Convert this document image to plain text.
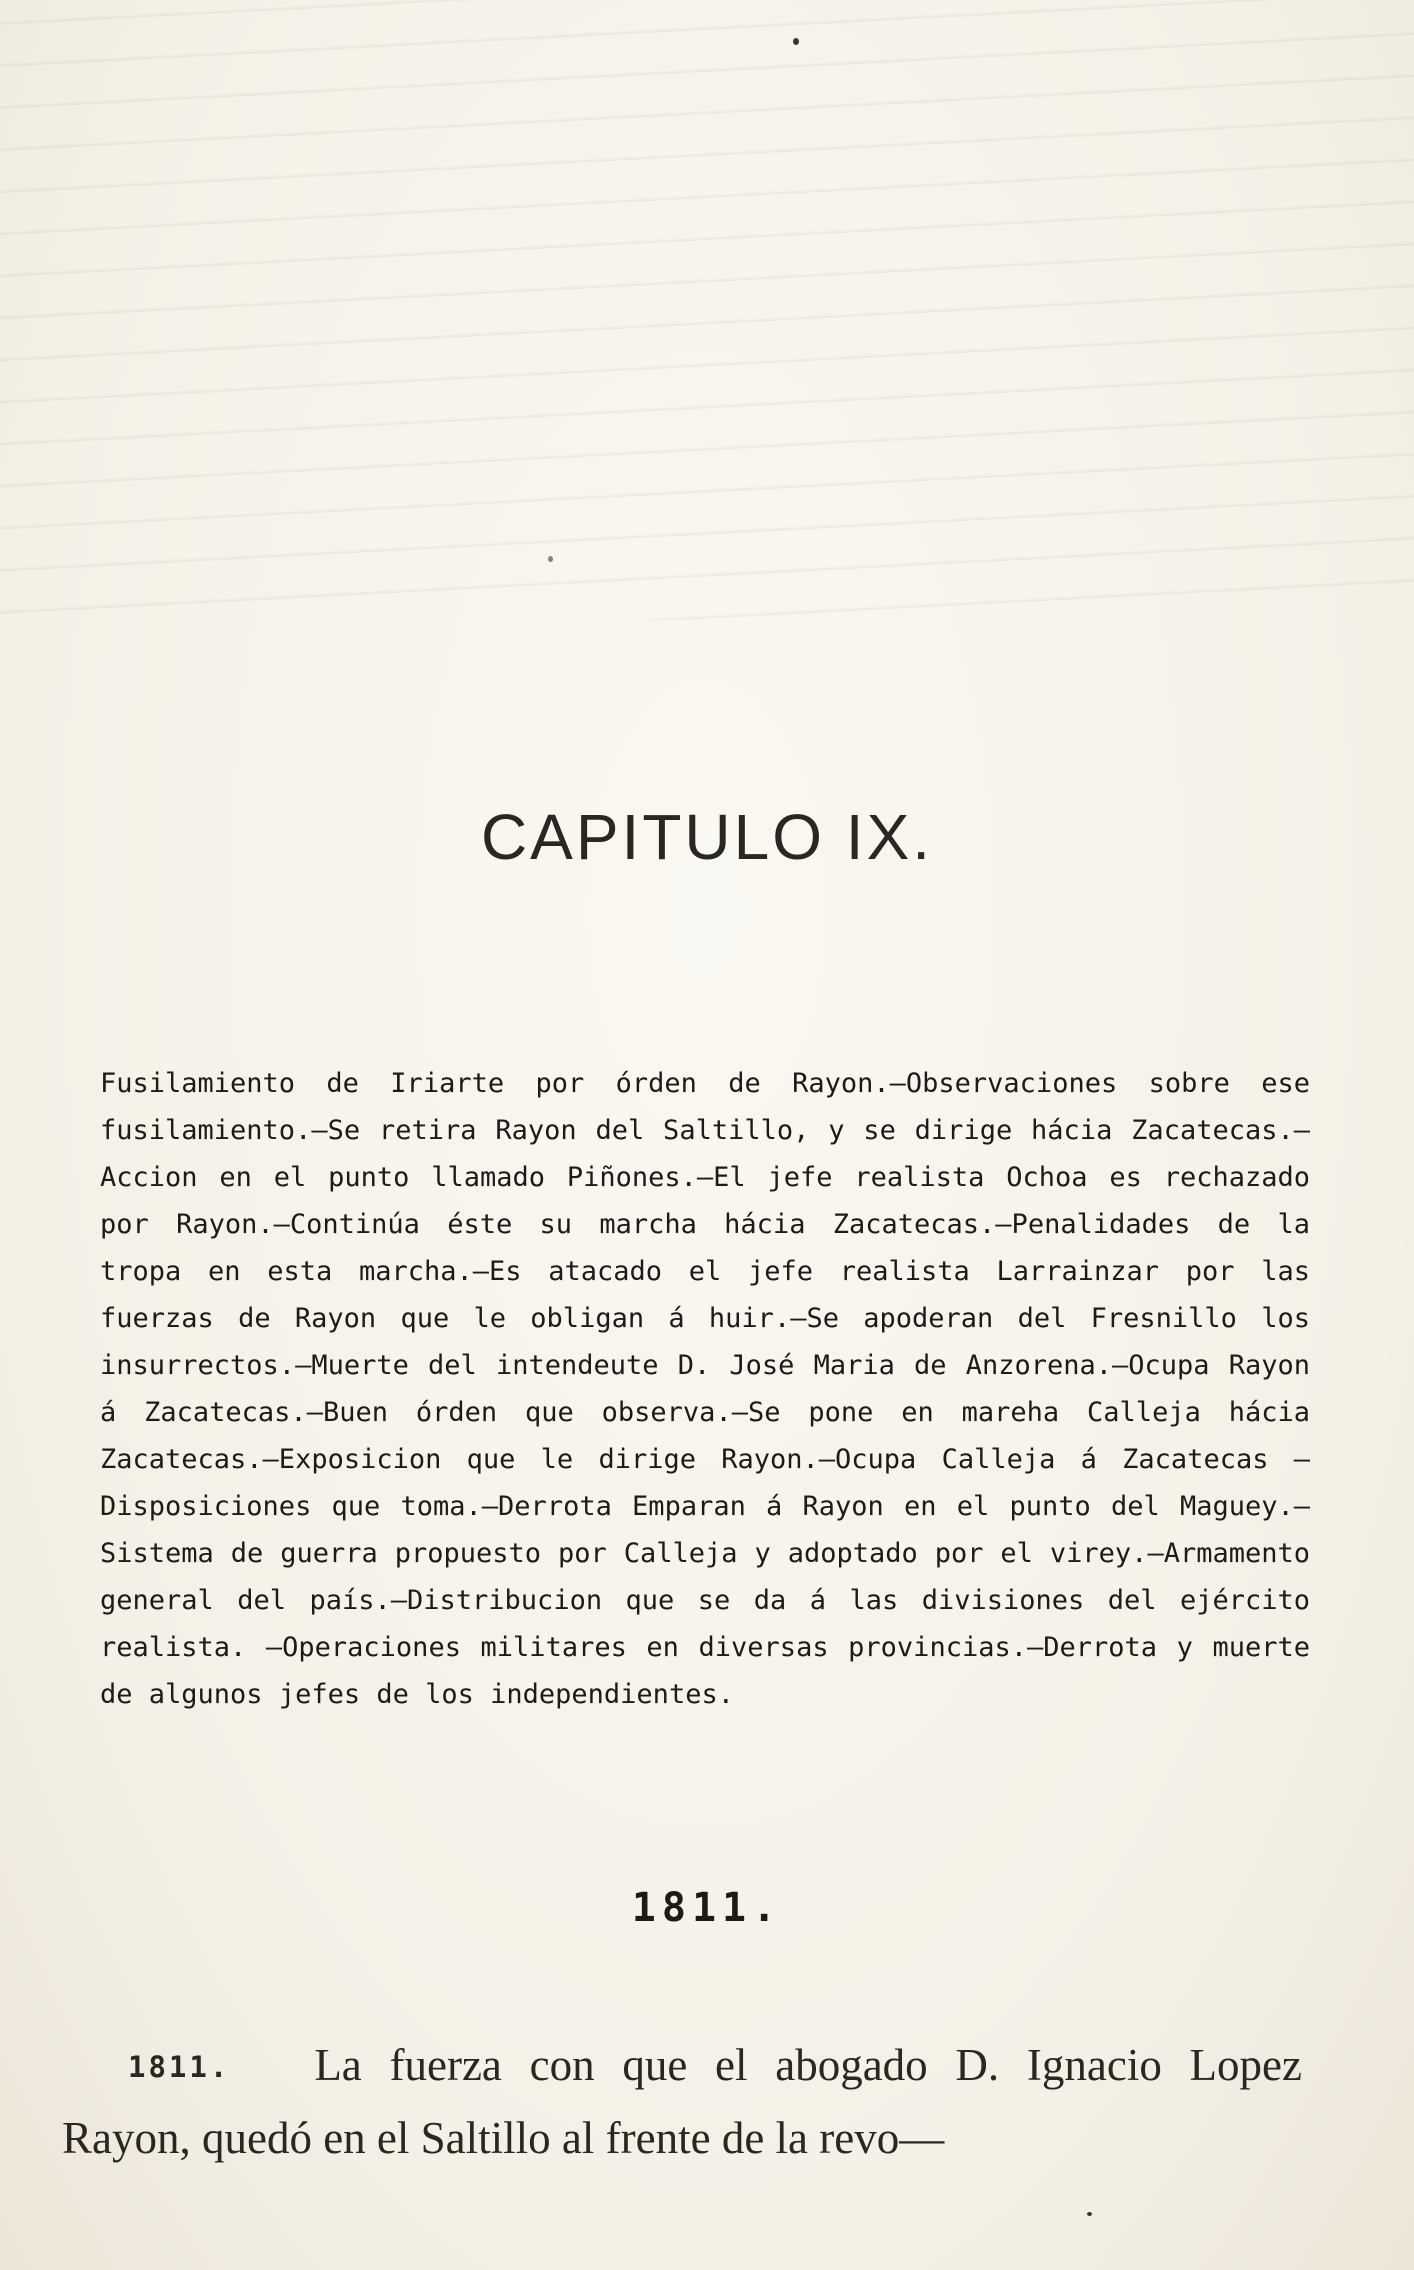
CAPITULO IX.

Fusilamiento de Iriarte por órden de Rayon.—Observaciones sobre ese fusilamiento.—Se retira Rayon del Saltillo, y se dirige hácia Zacatecas.—Accion en el punto llamado Piñones.—El jefe realista Ochoa es rechazado por Rayon.—Continúa éste su marcha hácia Zacatecas.—Penalidades de la tropa en esta marcha.—Es atacado el jefe realista Larrainzar por las fuerzas de Rayon que le obligan á huir.—Se apoderan del Fresnillo los insurrectos.—Muerte del intendeute D. José Maria de Anzorena.—Ocupa Rayon á Zacatecas.—Buen órden que observa.—Se pone en mareha Calleja hácia Zacatecas.—Exposicion que le dirige Rayon.—Ocupa Calleja á Zacatecas —Disposiciones que toma.—Derrota Emparan á Rayon en el punto del Maguey.—Sistema de guerra propuesto por Calleja y adoptado por el virey.—Armamento general del país.—Distribucion que se da á las divisiones del ejército realista. —Operaciones militares en diversas provincias.—Derrota y muerte de algunos jefes de los independientes.

1811.

1811. La fuerza con que el abogado D. Ignacio Lopez Rayon, quedó en el Saltillo al frente de la revo—
